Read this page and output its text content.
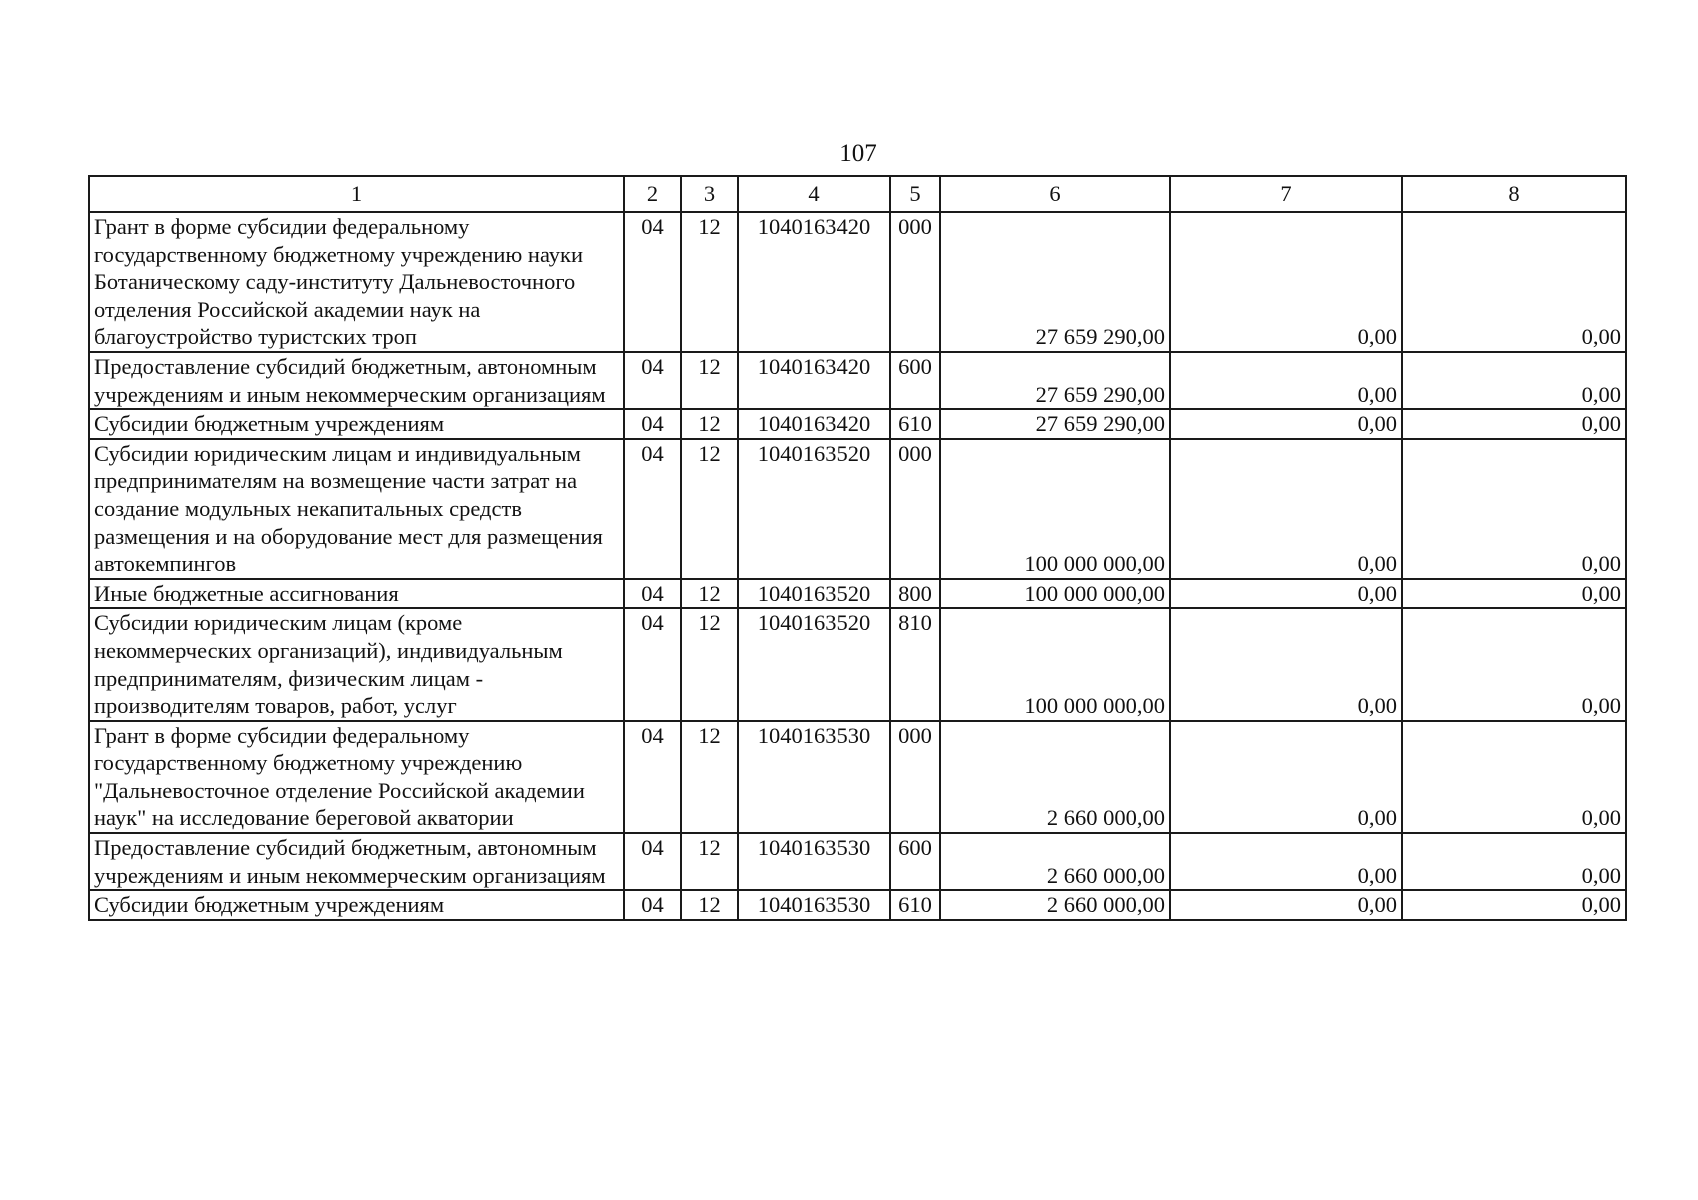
107
1	2	3	4	5	6	7	8
Грант в форме субсидии федеральному государственному бюджетному учреждению науки Ботаническому саду-институту Дальневосточного отделения Российской академии наук на благоустройство туристских троп	04	12	1040163420	000	27 659 290,00	0,00	0,00
Предоставление субсидий бюджетным, автономным учреждениям и иным некоммерческим организациям	04	12	1040163420	600	27 659 290,00	0,00	0,00
Субсидии бюджетным учреждениям	04	12	1040163420	610	27 659 290,00	0,00	0,00
Субсидии юридическим лицам и индивидуальным предпринимателям на возмещение части затрат на создание модульных некапитальных средств размещения и на оборудование мест для размещения автокемпингов	04	12	1040163520	000	100 000 000,00	0,00	0,00
Иные бюджетные ассигнования	04	12	1040163520	800	100 000 000,00	0,00	0,00
Субсидии юридическим лицам (кроме некоммерческих организаций), индивидуальным предпринимателям, физическим лицам - производителям товаров, работ, услуг	04	12	1040163520	810	100 000 000,00	0,00	0,00
Грант в форме субсидии федеральному государственному бюджетному учреждению "Дальневосточное отделение Российской академии наук" на исследование береговой акватории	04	12	1040163530	000	2 660 000,00	0,00	0,00
Предоставление субсидий бюджетным, автономным учреждениям и иным некоммерческим организациям	04	12	1040163530	600	2 660 000,00	0,00	0,00
Субсидии бюджетным учреждениям	04	12	1040163530	610	2 660 000,00	0,00	0,00
